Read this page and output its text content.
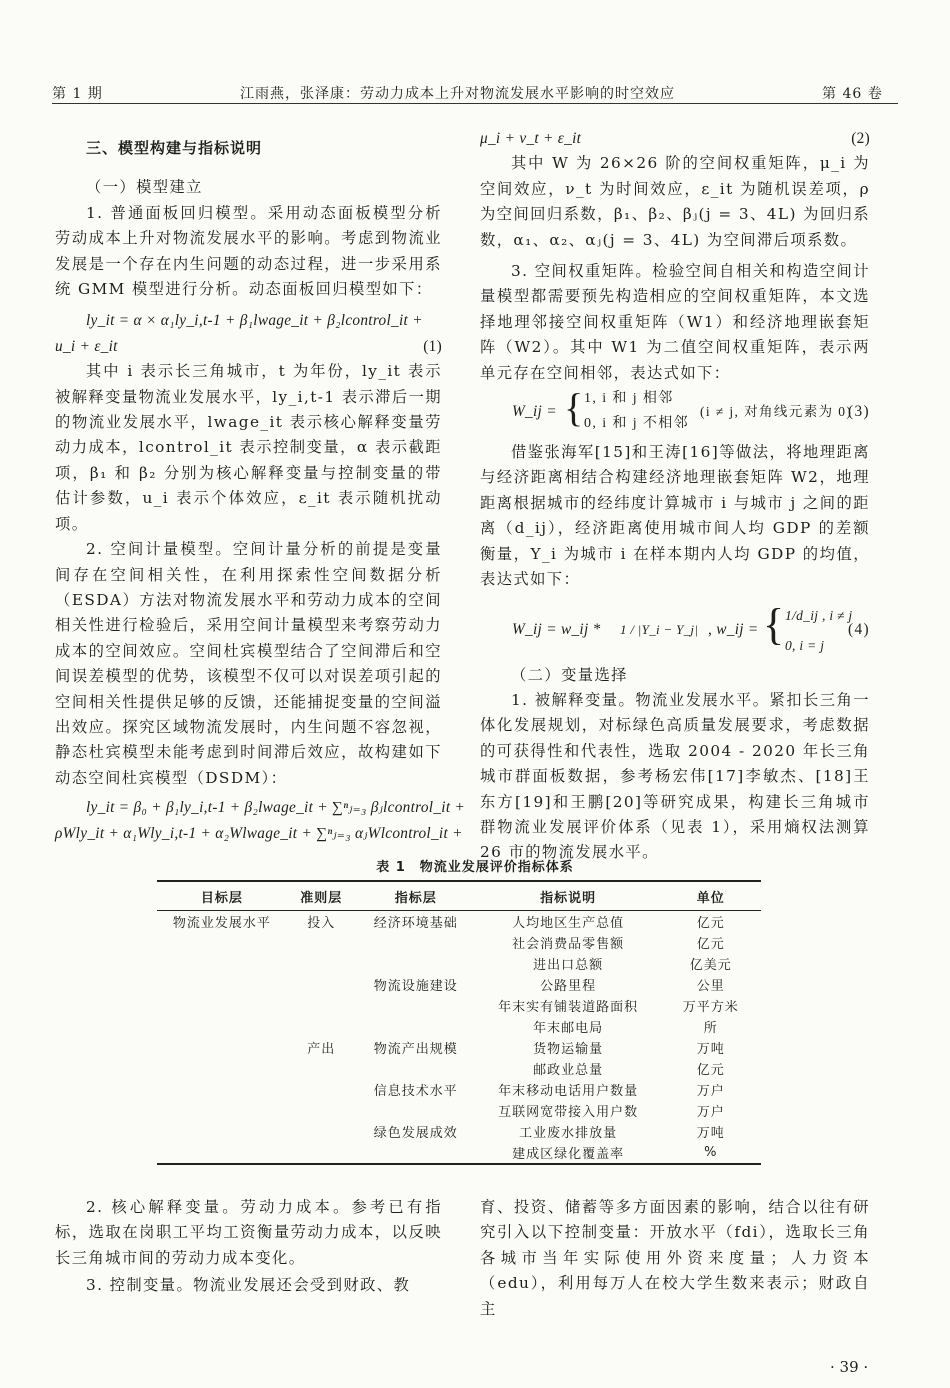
第 1 期	江雨燕，张泽康：劳动力成本上升对物流发展水平影响的时空效应	第 46 卷

三、模型构建与指标说明

（一）模型建立

1. 普通面板回归模型。采用动态面板模型分析劳动成本上升对物流发展水平的影响。考虑到物流业发展是一个存在内生问题的动态过程，进一步采用系统 GMM 模型进行分析。动态面板回归模型如下：

ly_it = α × α₁ly_i,t-1 + β₁lwage_it + β₂lcontrol_it +
u_i + ε_it	(1)

其中 i 表示长三角城市，t 为年份，ly_it 表示被解释变量物流业发展水平，ly_i,t-1 表示滞后一期的物流业发展水平，lwage_it 表示核心解释变量劳动力成本，lcontrol_it 表示控制变量，α 表示截距项，β₁ 和 β₂ 分别为核心解释变量与控制变量的带估计参数，u_i 表示个体效应，ε_it 表示随机扰动项。

2. 空间计量模型。空间计量分析的前提是变量间存在空间相关性，在利用探索性空间数据分析（ESDA）方法对物流发展水平和劳动力成本的空间相关性进行检验后，采用空间计量模型来考察劳动力成本的空间效应。空间杜宾模型结合了空间滞后和空间误差模型的优势，该模型不仅可以对误差项引起的空间相关性提供足够的反馈，还能捕捉变量的空间溢出效应。探究区域物流发展时，内生问题不容忽视，静态杜宾模型未能考虑到时间滞后效应，故构建如下动态空间杜宾模型（DSDM）：

ly_it = β₀ + β₁ly_i,t-1 + β₂lwage_it + ∑ⁿⱼ₌₃ βⱼlcontrol_it +
ρWly_it + α₁Wly_i,t-1 + α₂Wlwage_it + ∑ⁿⱼ₌₃ αⱼWlcontrol_it +
μ_i + ν_t + ε_it	(2)

其中 W 为 26×26 阶的空间权重矩阵，μ_i 为空间效应，ν_t 为时间效应，ε_it 为随机误差项，ρ 为空间回归系数，β₁、β₂、βⱼ(j = 3、4L) 为回归系数，α₁、α₂、αⱼ(j = 3、4L) 为空间滞后项系数。

3. 空间权重矩阵。检验空间自相关和构造空间计量模型都需要预先构造相应的空间权重矩阵，本文选择地理邻接空间权重矩阵（W1）和经济地理嵌套矩阵（W2）。其中 W1 为二值空间权重矩阵，表示两单元存在空间相邻，表达式如下：

W_ij = { 1, i 和 j 相邻
0, i 和 j 不相邻
(i ≠ j, 对角线元素为 0)
(3)

借鉴张海军[15]和王涛[16]等做法，将地理距离与经济距离相结合构建经济地理嵌套矩阵 W2，地理距离根据城市的经纬度计算城市 i 与城市 j 之间的距离（d_ij），经济距离使用城市间人均 GDP 的差额衡量，Y_i 为城市 i 在样本期内人均 GDP 的均值，表达式如下：

W_ij = w_ij * 1 / |Y_i − Y_j| , w_ij = { 1/d_ij , i ≠ j
0, i = j
(4)

（二）变量选择

1. 被解释变量。物流业发展水平。紧扣长三角一体化发展规划，对标绿色高质量发展要求，考虑数据的可获得性和代表性，选取 2004 - 2020 年长三角城市群面板数据，参考杨宏伟[17]李敏杰、[18]王东方[19]和王鹏[20]等研究成果，构建长三角城市群物流业发展评价体系（见表 1），采用熵权法测算 26 市的物流发展水平。

表 1　物流业发展评价指标体系
目标层	准则层	指标层	指标说明	单位
物流业发展水平	投入	经济环境基础	人均地区生产总值	亿元
			社会消费品零售额	亿元
			进出口总额	亿美元
		物流设施建设	公路里程	公里
			年末实有铺装道路面积	万平方米
			年末邮电局	所
	产出	物流产出规模	货物运输量	万吨
			邮政业总量	亿元
		信息技术水平	年末移动电话用户数量	万户
			互联网宽带接入用户数	万户
		绿色发展成效	工业废水排放量	万吨
			建成区绿化覆盖率	%

2. 核心解释变量。劳动力成本。参考已有指标，选取在岗职工平均工资衡量劳动力成本，以反映长三角城市间的劳动力成本变化。

3. 控制变量。物流业发展还会受到财政、教

育、投资、储蓄等多方面因素的影响，结合以往有研究引入以下控制变量：开放水平（fdi），选取长三角各城市当年实际使用外资来度量；人力资本（edu），利用每万人在校大学生数来表示；财政自主

· 39 ·
